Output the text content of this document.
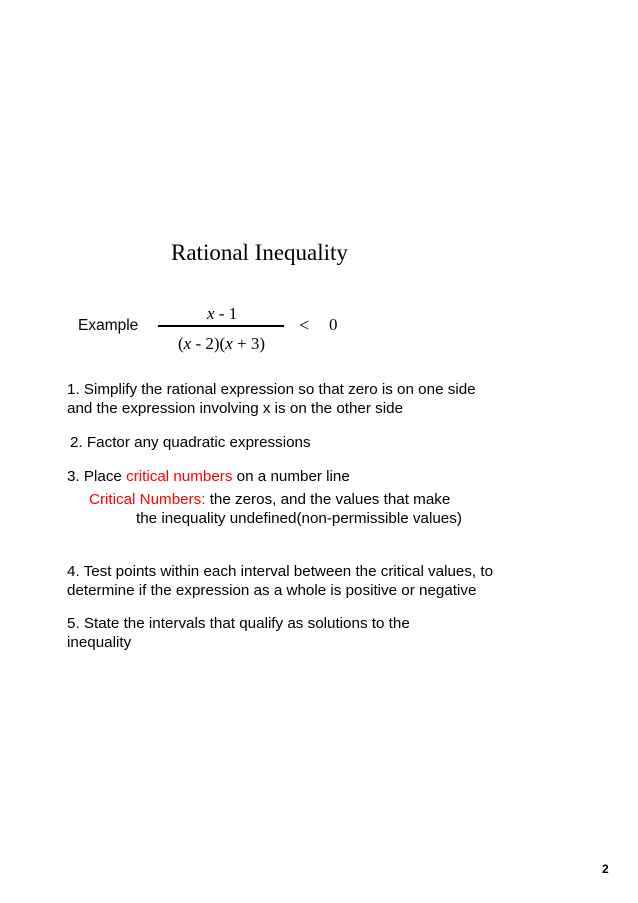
Rational Inequality
Example
x - 1
(x - 2)(x + 3)
< 0
1. Simplify the rational expression so that zero is on one side
and the expression involving x is on the other side
2. Factor any quadratic expressions
3. Place critical numbers on a number line
Critical Numbers: the zeros, and the values that make
the inequality undefined(non-permissible values)
4. Test points within each interval between the critical values, to
determine if the expression as a whole is positive or negative
5. State the intervals that qualify as solutions to the
inequality
2
